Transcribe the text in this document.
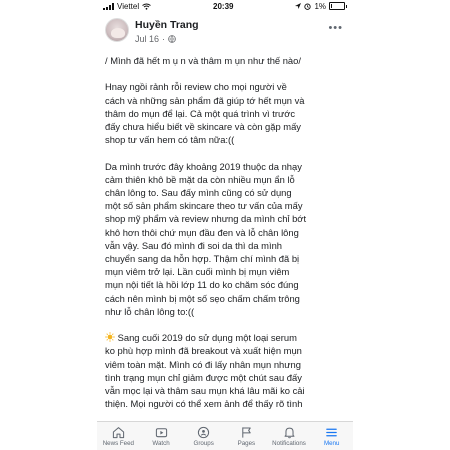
Viettel	20:39	1%
Huyền Trang
Jul 16 ·
•••

/ Mình đã hết m ụ n và thâm m ụn như thế nào/

Hnay ngồi rảnh rỗi review cho mọi người về
cách và những sản phẩm đã giúp tớ hết mụn và
thâm do mụn để lại. Cả một quá trình vì trước
đấy chưa hiểu biết về skincare và còn gặp mấy
shop tư vấn hem có tâm nữa:((

Da mình trước đây khoảng 2019 thuộc da nhạy
cảm thiên khô bề mặt da còn nhiều mụn ẩn lỗ
chân lông to. Sau đấy mình cũng có sử dụng
một số sản phẩm skincare theo tư vấn của mấy
shop mỹ phẩm và review nhưng da mình chỉ bớt
khô hơn thôi chứ mụn đầu đen và lỗ chân lông
vẫn vậy. Sau đó mình đi soi da thì da mình
chuyển sang da hỗn hợp. Thậm chí mình đã bị
mụn viêm trở lại. Lần cuối mình bị mụn viêm
mụn nội tiết là hồi lớp 11 do ko chăm sóc đúng
cách nên mình bị một số sẹo chấm chấm trông
như lỗ chân lông to:((

Sang cuối 2019 do sử dụng một loại serum
ko phù hợp mình đã breakout và xuất hiện mụn
viêm toàn mặt. Mình có đi lấy nhân mụn nhưng
tình trạng mụn chỉ giảm được một chút sau đấy
vẫn mọc lại và thâm sau mụn khá lâu mãi ko cải
thiện. Mọi người có thể xem ảnh để thấy rõ tình

News Feed	Watch	Groups	Pages	Notifications	Menu
